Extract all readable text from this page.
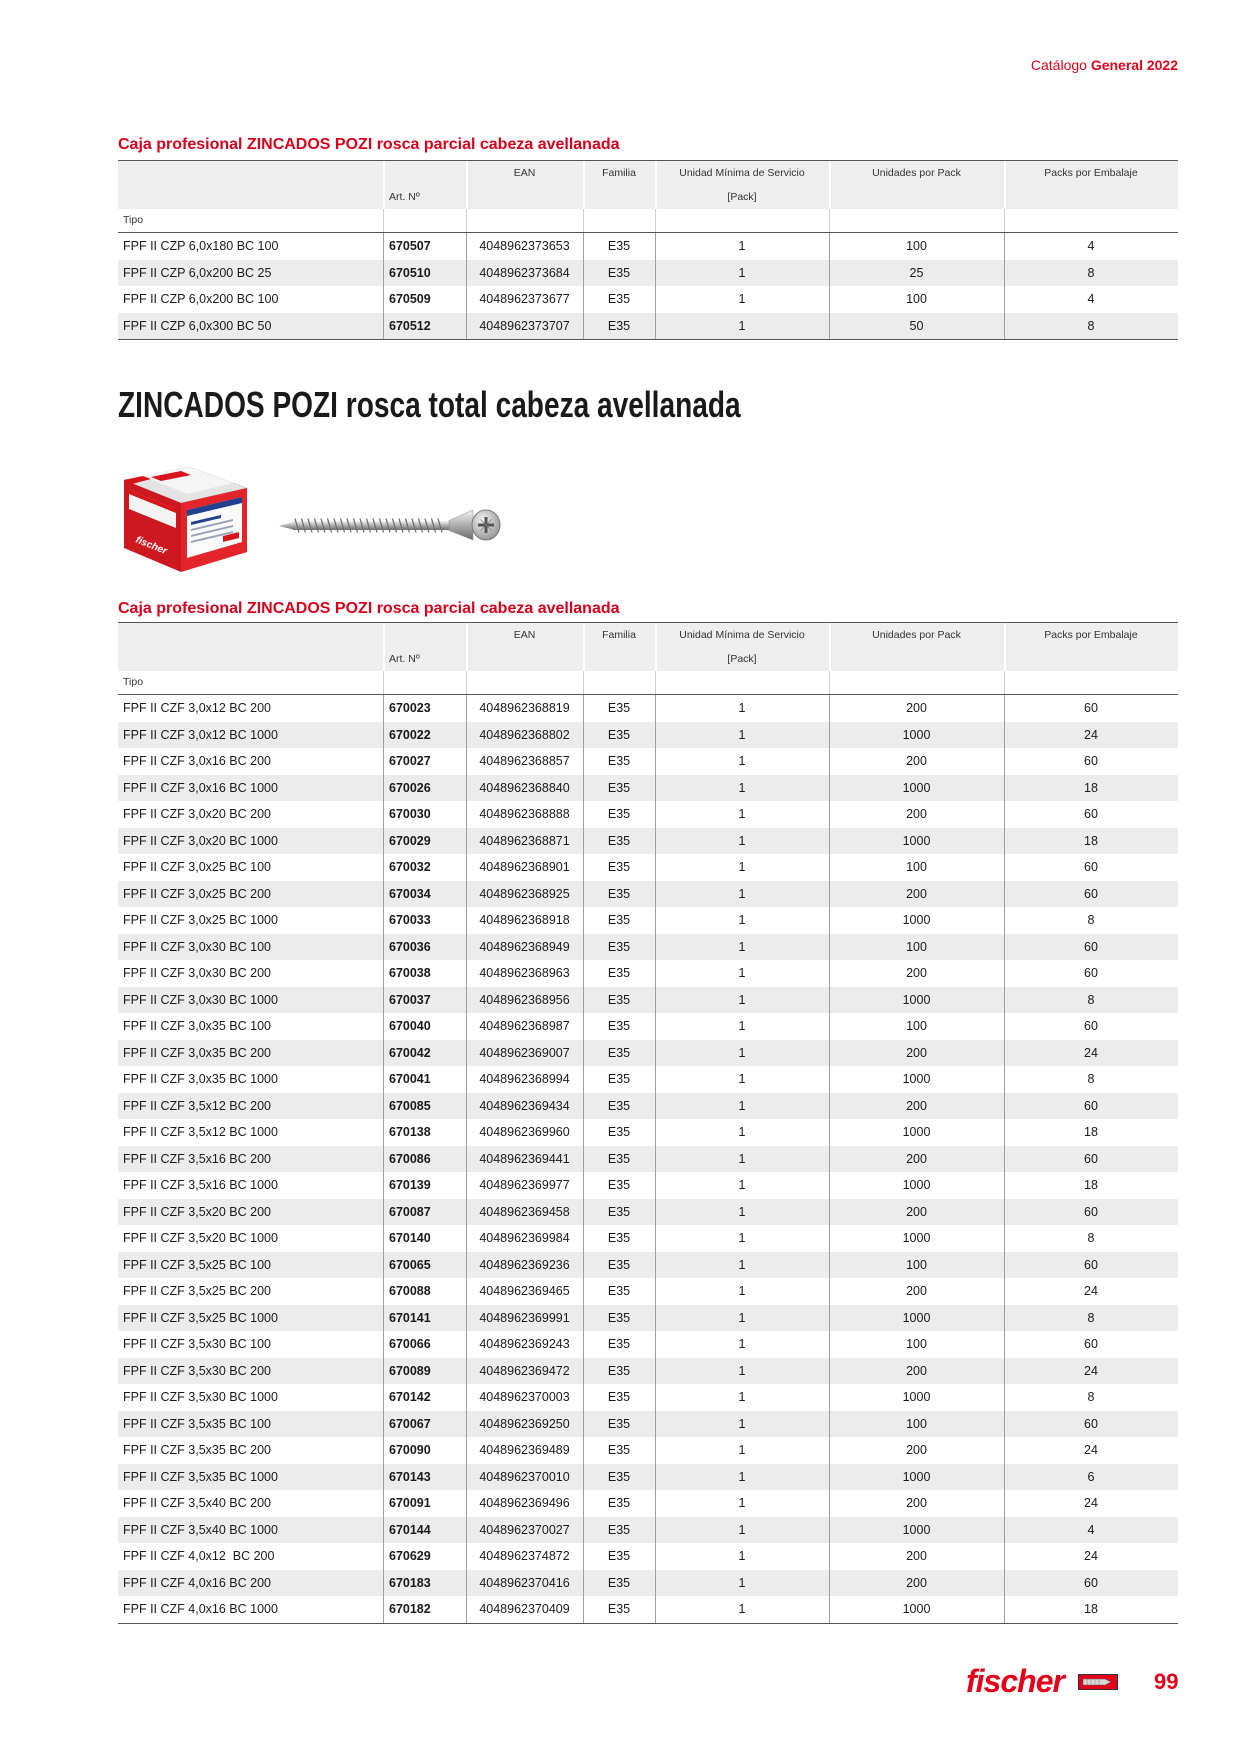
Catálogo General 2022
Caja profesional ZINCADOS POZI rosca parcial cabeza avellanada
		EAN	Familia	Unidad Mínima de Servicio	Unidades por Pack	Packs por Embalaje
	Art. Nº			[Pack]		
Tipo						
FPF II CZP 6,0x180 BC 100	670507	4048962373653	E35	1	100	4
FPF II CZP 6,0x200 BC 25	670510	4048962373684	E35	1	25	8
FPF II CZP 6,0x200 BC 100	670509	4048962373677	E35	1	100	4
FPF II CZP 6,0x300 BC 50	670512	4048962373707	E35	1	50	8
ZINCADOS POZI rosca total cabeza avellanada
fischer
Caja profesional ZINCADOS POZI rosca parcial cabeza avellanada
		EAN	Familia	Unidad Mínima de Servicio	Unidades por Pack	Packs por Embalaje
	Art. Nº			[Pack]		
Tipo						
FPF II CZF 3,0x12 BC 200	670023	4048962368819	E35	1	200	60
FPF II CZF 3,0x12 BC 1000	670022	4048962368802	E35	1	1000	24
FPF II CZF 3,0x16 BC 200	670027	4048962368857	E35	1	200	60
FPF II CZF 3,0x16 BC 1000	670026	4048962368840	E35	1	1000	18
FPF II CZF 3,0x20 BC 200	670030	4048962368888	E35	1	200	60
FPF II CZF 3,0x20 BC 1000	670029	4048962368871	E35	1	1000	18
FPF II CZF 3,0x25 BC 100	670032	4048962368901	E35	1	100	60
FPF II CZF 3,0x25 BC 200	670034	4048962368925	E35	1	200	60
FPF II CZF 3,0x25 BC 1000	670033	4048962368918	E35	1	1000	8
FPF II CZF 3,0x30 BC 100	670036	4048962368949	E35	1	100	60
FPF II CZF 3,0x30 BC 200	670038	4048962368963	E35	1	200	60
FPF II CZF 3,0x30 BC 1000	670037	4048962368956	E35	1	1000	8
FPF II CZF 3,0x35 BC 100	670040	4048962368987	E35	1	100	60
FPF II CZF 3,0x35 BC 200	670042	4048962369007	E35	1	200	24
FPF II CZF 3,0x35 BC 1000	670041	4048962368994	E35	1	1000	8
FPF II CZF 3,5x12 BC 200	670085	4048962369434	E35	1	200	60
FPF II CZF 3,5x12 BC 1000	670138	4048962369960	E35	1	1000	18
FPF II CZF 3,5x16 BC 200	670086	4048962369441	E35	1	200	60
FPF II CZF 3,5x16 BC 1000	670139	4048962369977	E35	1	1000	18
FPF II CZF 3,5x20 BC 200	670087	4048962369458	E35	1	200	60
FPF II CZF 3,5x20 BC 1000	670140	4048962369984	E35	1	1000	8
FPF II CZF 3,5x25 BC 100	670065	4048962369236	E35	1	100	60
FPF II CZF 3,5x25 BC 200	670088	4048962369465	E35	1	200	24
FPF II CZF 3,5x25 BC 1000	670141	4048962369991	E35	1	1000	8
FPF II CZF 3,5x30 BC 100	670066	4048962369243	E35	1	100	60
FPF II CZF 3,5x30 BC 200	670089	4048962369472	E35	1	200	24
FPF II CZF 3,5x30 BC 1000	670142	4048962370003	E35	1	1000	8
FPF II CZF 3,5x35 BC 100	670067	4048962369250	E35	1	100	60
FPF II CZF 3,5x35 BC 200	670090	4048962369489	E35	1	200	24
FPF II CZF 3,5x35 BC 1000	670143	4048962370010	E35	1	1000	6
FPF II CZF 3,5x40 BC 200	670091	4048962369496	E35	1	200	24
FPF II CZF 3,5x40 BC 1000	670144	4048962370027	E35	1	1000	4
FPF II CZF 4,0x12  BC 200	670629	4048962374872	E35	1	200	24
FPF II CZF 4,0x16 BC 200	670183	4048962370416	E35	1	200	60
FPF II CZF 4,0x16 BC 1000	670182	4048962370409	E35	1	1000	18
fischer	99
